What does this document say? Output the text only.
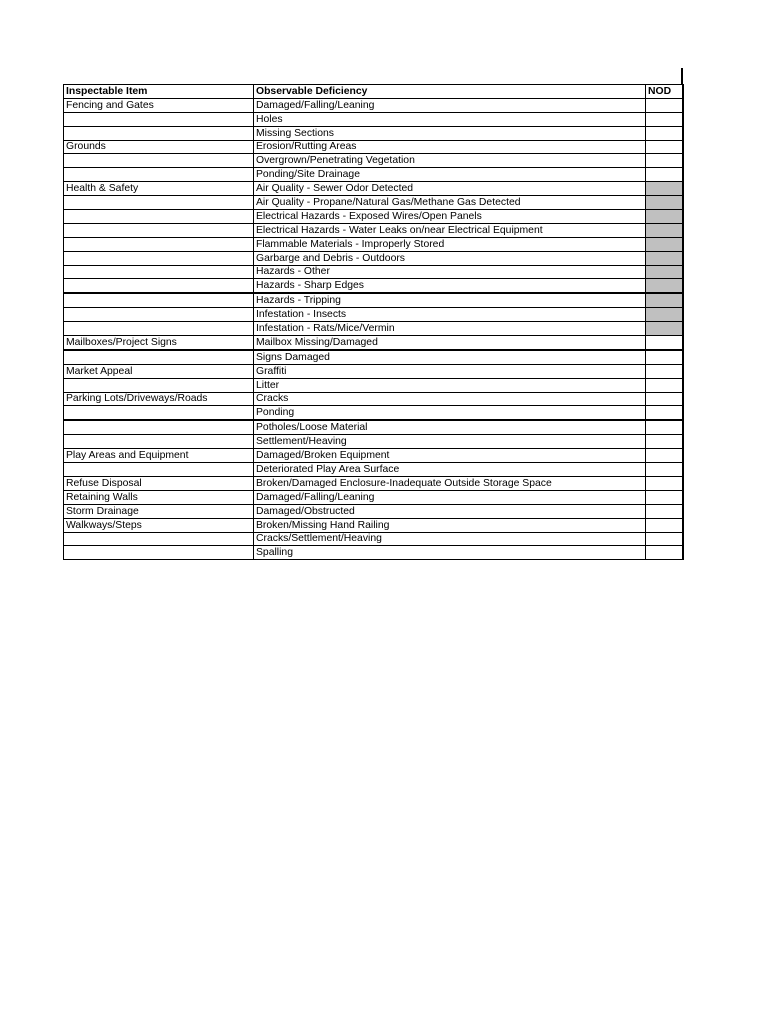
Inspectable Item	Observable Deficiency	NOD
Fencing and Gates	Damaged/Falling/Leaning	
	Holes	
	Missing Sections	
Grounds	Erosion/Rutting Areas	
	Overgrown/Penetrating Vegetation	
	Ponding/Site Drainage	
Health & Safety	Air Quality - Sewer Odor Detected	
	Air Quality - Propane/Natural Gas/Methane Gas Detected	
	Electrical Hazards - Exposed Wires/Open Panels	
	Electrical Hazards - Water Leaks on/near Electrical Equipment	
	Flammable Materials - Improperly Stored	
	Garbarge and Debris - Outdoors	
	Hazards - Other	
	Hazards - Sharp Edges	
	Hazards - Tripping	
	Infestation - Insects	
	Infestation - Rats/Mice/Vermin	
Mailboxes/Project Signs	Mailbox Missing/Damaged	
	Signs Damaged	
Market Appeal	Graffiti	
	Litter	
Parking Lots/Driveways/Roads	Cracks	
	Ponding	
	Potholes/Loose Material	
	Settlement/Heaving	
Play Areas and Equipment	Damaged/Broken Equipment	
	Deteriorated Play Area Surface	
Refuse Disposal	Broken/Damaged Enclosure-Inadequate Outside Storage Space	
Retaining Walls	Damaged/Falling/Leaning	
Storm Drainage	Damaged/Obstructed	
Walkways/Steps	Broken/Missing Hand Railing	
	Cracks/Settlement/Heaving	
	Spalling	
